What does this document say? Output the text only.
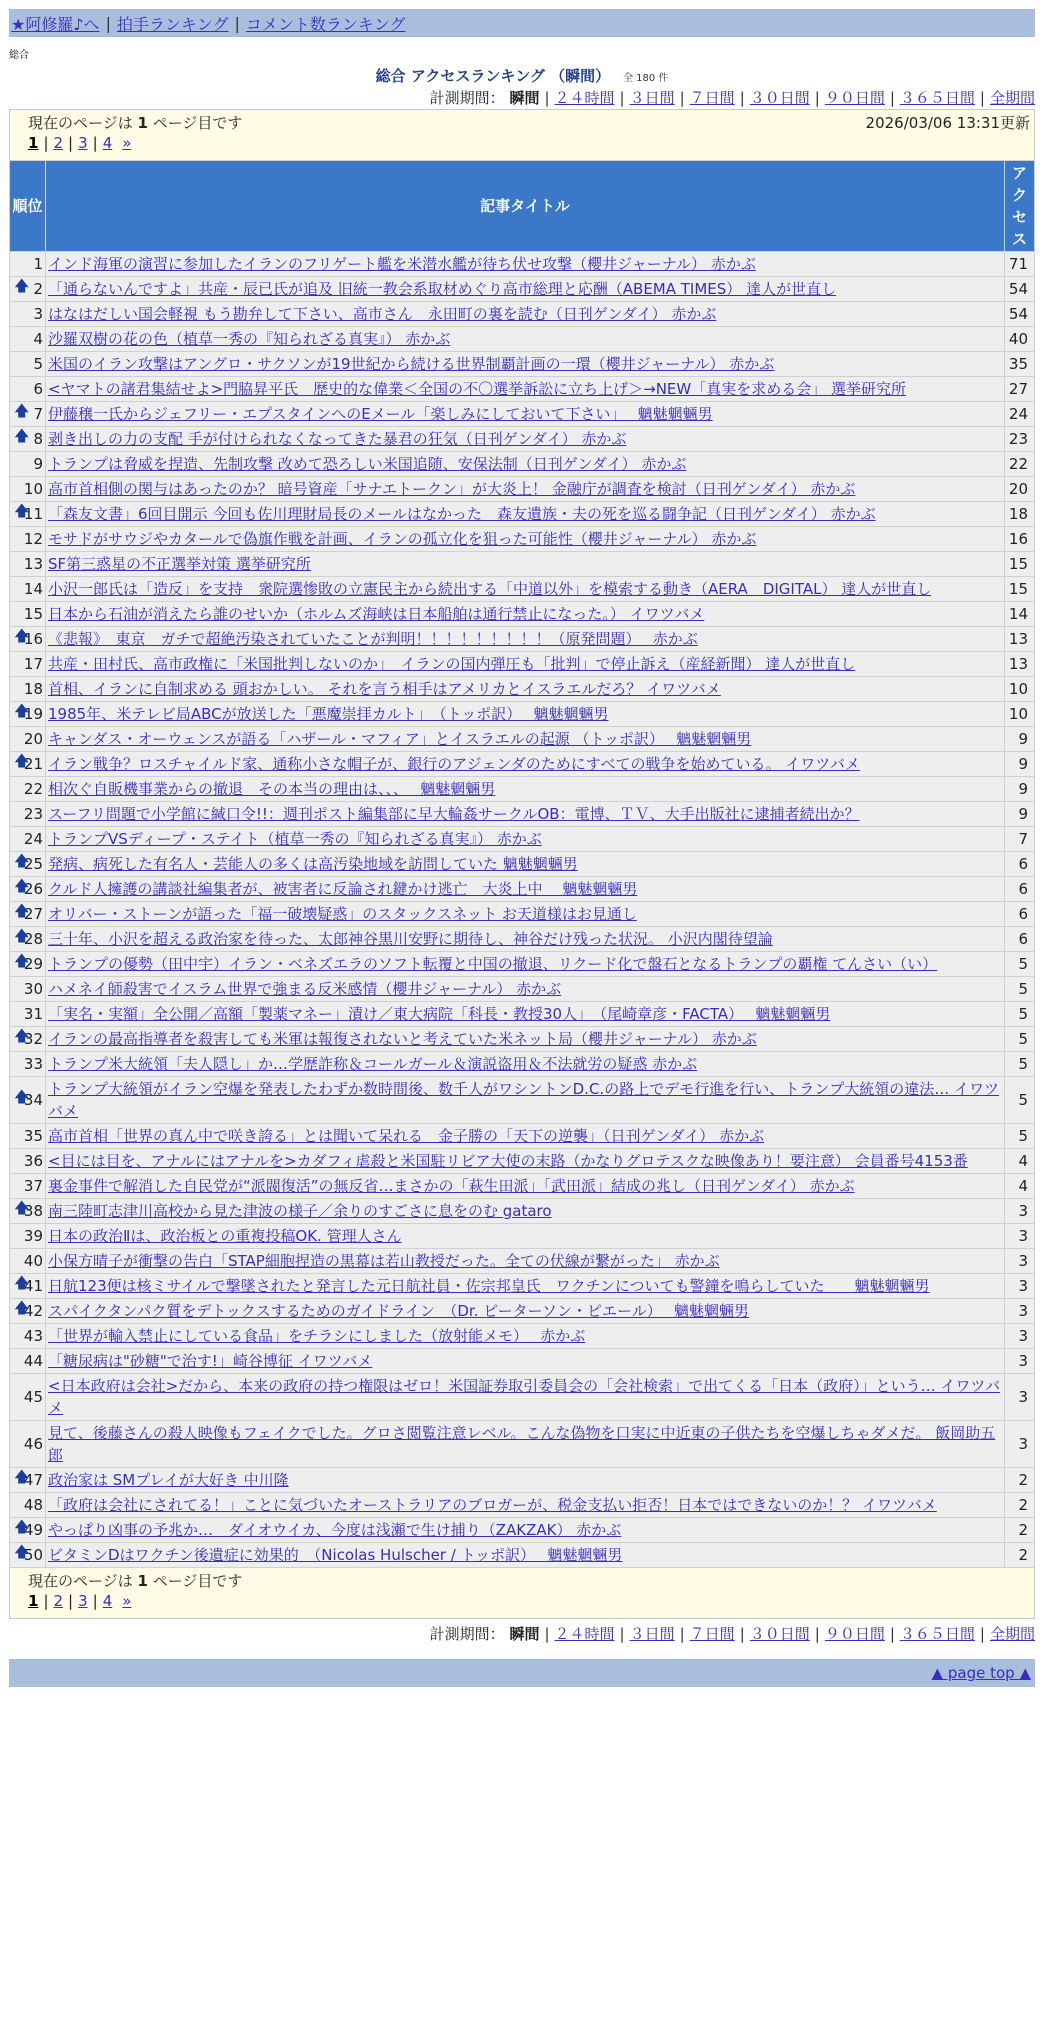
★阿修羅♪へ | 拍手ランキング | コメント数ランキング
総合
総合 アクセスランキング （瞬間） 全 180 件
計測期間： 瞬間 | ２４時間 | ３日間 | ７日間 | ３０日間 | ９０日間 | ３６５日間 | 全期間
現在のページは 1 ページ目です	2026/03/06 13:31更新
1 | 2 | 3 | 4 »
順位	記事タイトル	アクセス
1	インド海軍の演習に参加したイランのフリゲート艦を米潜水艦が待ち伏せ攻撃（櫻井ジャーナル） 赤かぶ	71

🡅 2	「通らないんですよ」共産・辰已氏が追及 旧統一教会系取材めぐり高市総理と応酬（ABEMA TIMES） 達人が世直し	54
3	はなはだしい国会軽視 もう勘弁して下さい、高市さん　永田町の裏を読む（日刊ゲンダイ） 赤かぶ	54
4	沙羅双樹の花の色（植草一秀の『知られざる真実』） 赤かぶ	40
5	米国のイラン攻撃はアングロ・サクソンが19世紀から続ける世界制覇計画の一環（櫻井ジャーナル） 赤かぶ	35
6	<ヤマトの諸君集結せよ>門脇昇平氏　歴史的な偉業＜全国の不〇選挙訴訟に立ち上げ＞→NEW「真実を求める会」 選挙研究所	27

🡅 7	伊藤穣一氏からジェフリー・エプスタインへのEメール「楽しみにしておいて下さい」　 魑魅魍魎男	24

🡅 8	剥き出しの力の支配 手が付けられなくなってきた暴君の狂気（日刊ゲンダイ） 赤かぶ	23
9	トランプは脅威を捏造、先制攻撃 改めて恐ろしい米国追随、安保法制（日刊ゲンダイ） 赤かぶ	22
10	高市首相側の関与はあったのか？ 暗号資産「サナエトークン」が大炎上！ 金融庁が調査を検討（日刊ゲンダイ） 赤かぶ	20

🡅
11	「森友文書」6回目開示 今回も佐川理財局長のメールはなかった　森友遺族・夫の死を巡る闘争記（日刊ゲンダイ） 赤かぶ	18
12	モサドがサウジやカタールで偽旗作戦を計画、イランの孤立化を狙った可能性（櫻井ジャーナル） 赤かぶ	16
13	SF第三惑星の不正選挙対策 選挙研究所	15
14	小沢一郎氏は「造反」を支持　衆院選惨敗の立憲民主から続出する「中道以外」を模索する動き（AERA　DIGITAL） 達人が世直し	15
15	日本から石油が消えたら誰のせいか（ホルムズ海峡は日本船舶は通行禁止になった。） イワツバメ	14

🡅
16	《悲報》　東京　ガチで超絶汚染されていたことが判明！！！！！！！！！（原発問題）　 赤かぶ	13
17	共産・田村氏、高市政権に「米国批判しないのか」　イランの国内弾圧も「批判」で停止訴え（産経新聞） 達人が世直し	13
18	首相、イランに自制求める 頭おかしい。 それを言う相手はアメリカとイスラエルだろ？ イワツバメ	10

🡅
19	1985年、米テレビ局ABCが放送した「悪魔崇拝カルト」　（トッポ訳）　 魑魅魍魎男	10
20	キャンダス・オーウェンスが語る「ハザール・マフィア」とイスラエルの起源 （トッポ訳）　 魑魅魍魎男	9

🡅
21	イラン戦争？ロスチャイルド家、通称小さな帽子が、銀行のアジェンダのためにすべての戦争を始めている。 イワツバメ	9
22	相次ぐ自販機事業からの撤退　その本当の理由は、、、　 魑魅魍魎男	9
23	スーフリ問題で小学館に緘口令!!：週刊ポスト編集部に早大輪姦サークルOB：電博、ＴＶ、大手出版社に逮捕者続出か？	9
24	トランプVSディープ・ステイト（植草一秀の『知られざる真実』） 赤かぶ	7

🡅
25	発病、病死した有名人・芸能人の多くは高汚染地域を訪問していた 魑魅魍魎男	6

🡅
26	クルド人擁護の講談社編集者が、被害者に反論され鍵かけ逃亡　大炎上中　 魑魅魍魎男	6

🡅
27	オリバー・ストーンが語った「福一破壊疑惑」のスタックスネット お天道様はお見通し	6

🡅
28	三十年、小沢を超える政治家を待った、太郎神谷黒川安野に期待し、神谷だけ残った状況。 小沢内閣待望論	6

🡅
29	トランプの優勢（田中宇）イラン・ベネズエラのソフト転覆と中国の撤退、リクード化で盤石となるトランプの覇権 てんさい（い）	5
30	ハメネイ師殺害でイスラム世界で強まる反米感情（櫻井ジャーナル） 赤かぶ	5
31	「実名・実額」全公開／高額「製薬マネー」漬け／東大病院「科長・教授30人」　（尾崎章彦・FACTA）　 魑魅魍魎男	5

🡅
32	イランの最高指導者を殺害しても米軍は報復されないと考えていた米ネット局（櫻井ジャーナル） 赤かぶ	5
33	トランプ米大統領「夫人隠し」か…学歴詐称＆コールガール＆演説盗用＆不法就労の疑惑 赤かぶ	5

🡅
34	トランプ大統領がイラン空爆を発表したわずか数時間後、数千人がワシントンD.C.の路上でデモ行進を行い、トランプ大統領の違法… イワツバメ	5
35	高市首相「世界の真ん中で咲き誇る」とは聞いて呆れる　金子勝の「天下の逆襲」（日刊ゲンダイ） 赤かぶ	5
36	<目には目を、アナルにはアナルを>カダフィ虐殺と米国駐リビア大使の末路（かなりグロテスクな映像あり！要注意） 会員番号4153番	4
37	裏金事件で解消した自民党が“派閥復活”の無反省…まさかの「萩生田派」「武田派」結成の兆し（日刊ゲンダイ） 赤かぶ	4

🡅
38	南三陸町志津川高校から見た津波の様子／余りのすごさに息をのむ gataro	3
39	日本の政治Ⅱは、政治板との重複投稿OK. 管理人さん	3
40	小保方晴子が衝撃の告白「STAP細胞捏造の黒幕は若山教授だった。全ての伏線が繋がった」 赤かぶ	3

🡅
41	日航123便は核ミサイルで撃墜されたと発言した元日航社員・佐宗邦皇氏　ワクチンについても警鐘を鳴らしていた　　魑魅魍魎男	3

🡅
42	スパイクタンパク質をデトックスするためのガイドライン　（Dr. ピーターソン・ピエール）　 魑魅魍魎男	3
43	「世界が輸入禁止にしている食品」をチラシにしました（放射能メモ）　 赤かぶ	3
44	「糖尿病は"砂糖"で治す!」崎谷博征 イワツバメ	3
45	<日本政府は会社>だから、本来の政府の持つ権限はゼロ！米国証券取引委員会の「会社検索」で出てくる「日本（政府）」という… イワツバメ	3
46	見て、後藤さんの殺人映像もフェイクでした。グロさ閲覧注意レベル。こんな偽物を口実に中近東の子供たちを空爆しちゃダメだ。 飯岡助五郎	3

🡅
47	政治家は SMプレイが大好き 中川隆	2
48	「政府は会社にされてる！」ことに気づいたオーストラリアのブロガーが、税金支払い拒否！日本ではできないのか！？ イワツバメ	2

🡅
49	やっぱり凶事の予兆か…　ダイオウイカ、今度は浅瀬で生け捕り（ZAKZAK） 赤かぶ	2

🡅
50	ビタミンDはワクチン後遺症に効果的　（Nicolas Hulscher / トッポ訳）　 魑魅魍魎男	2
現在のページは 1 ページ目です
1 | 2 | 3 | 4 »
計測期間： 瞬間 | ２４時間 | ３日間 | ７日間 | ３０日間 | ９０日間 | ３６５日間 | 全期間
▲ page top ▲
